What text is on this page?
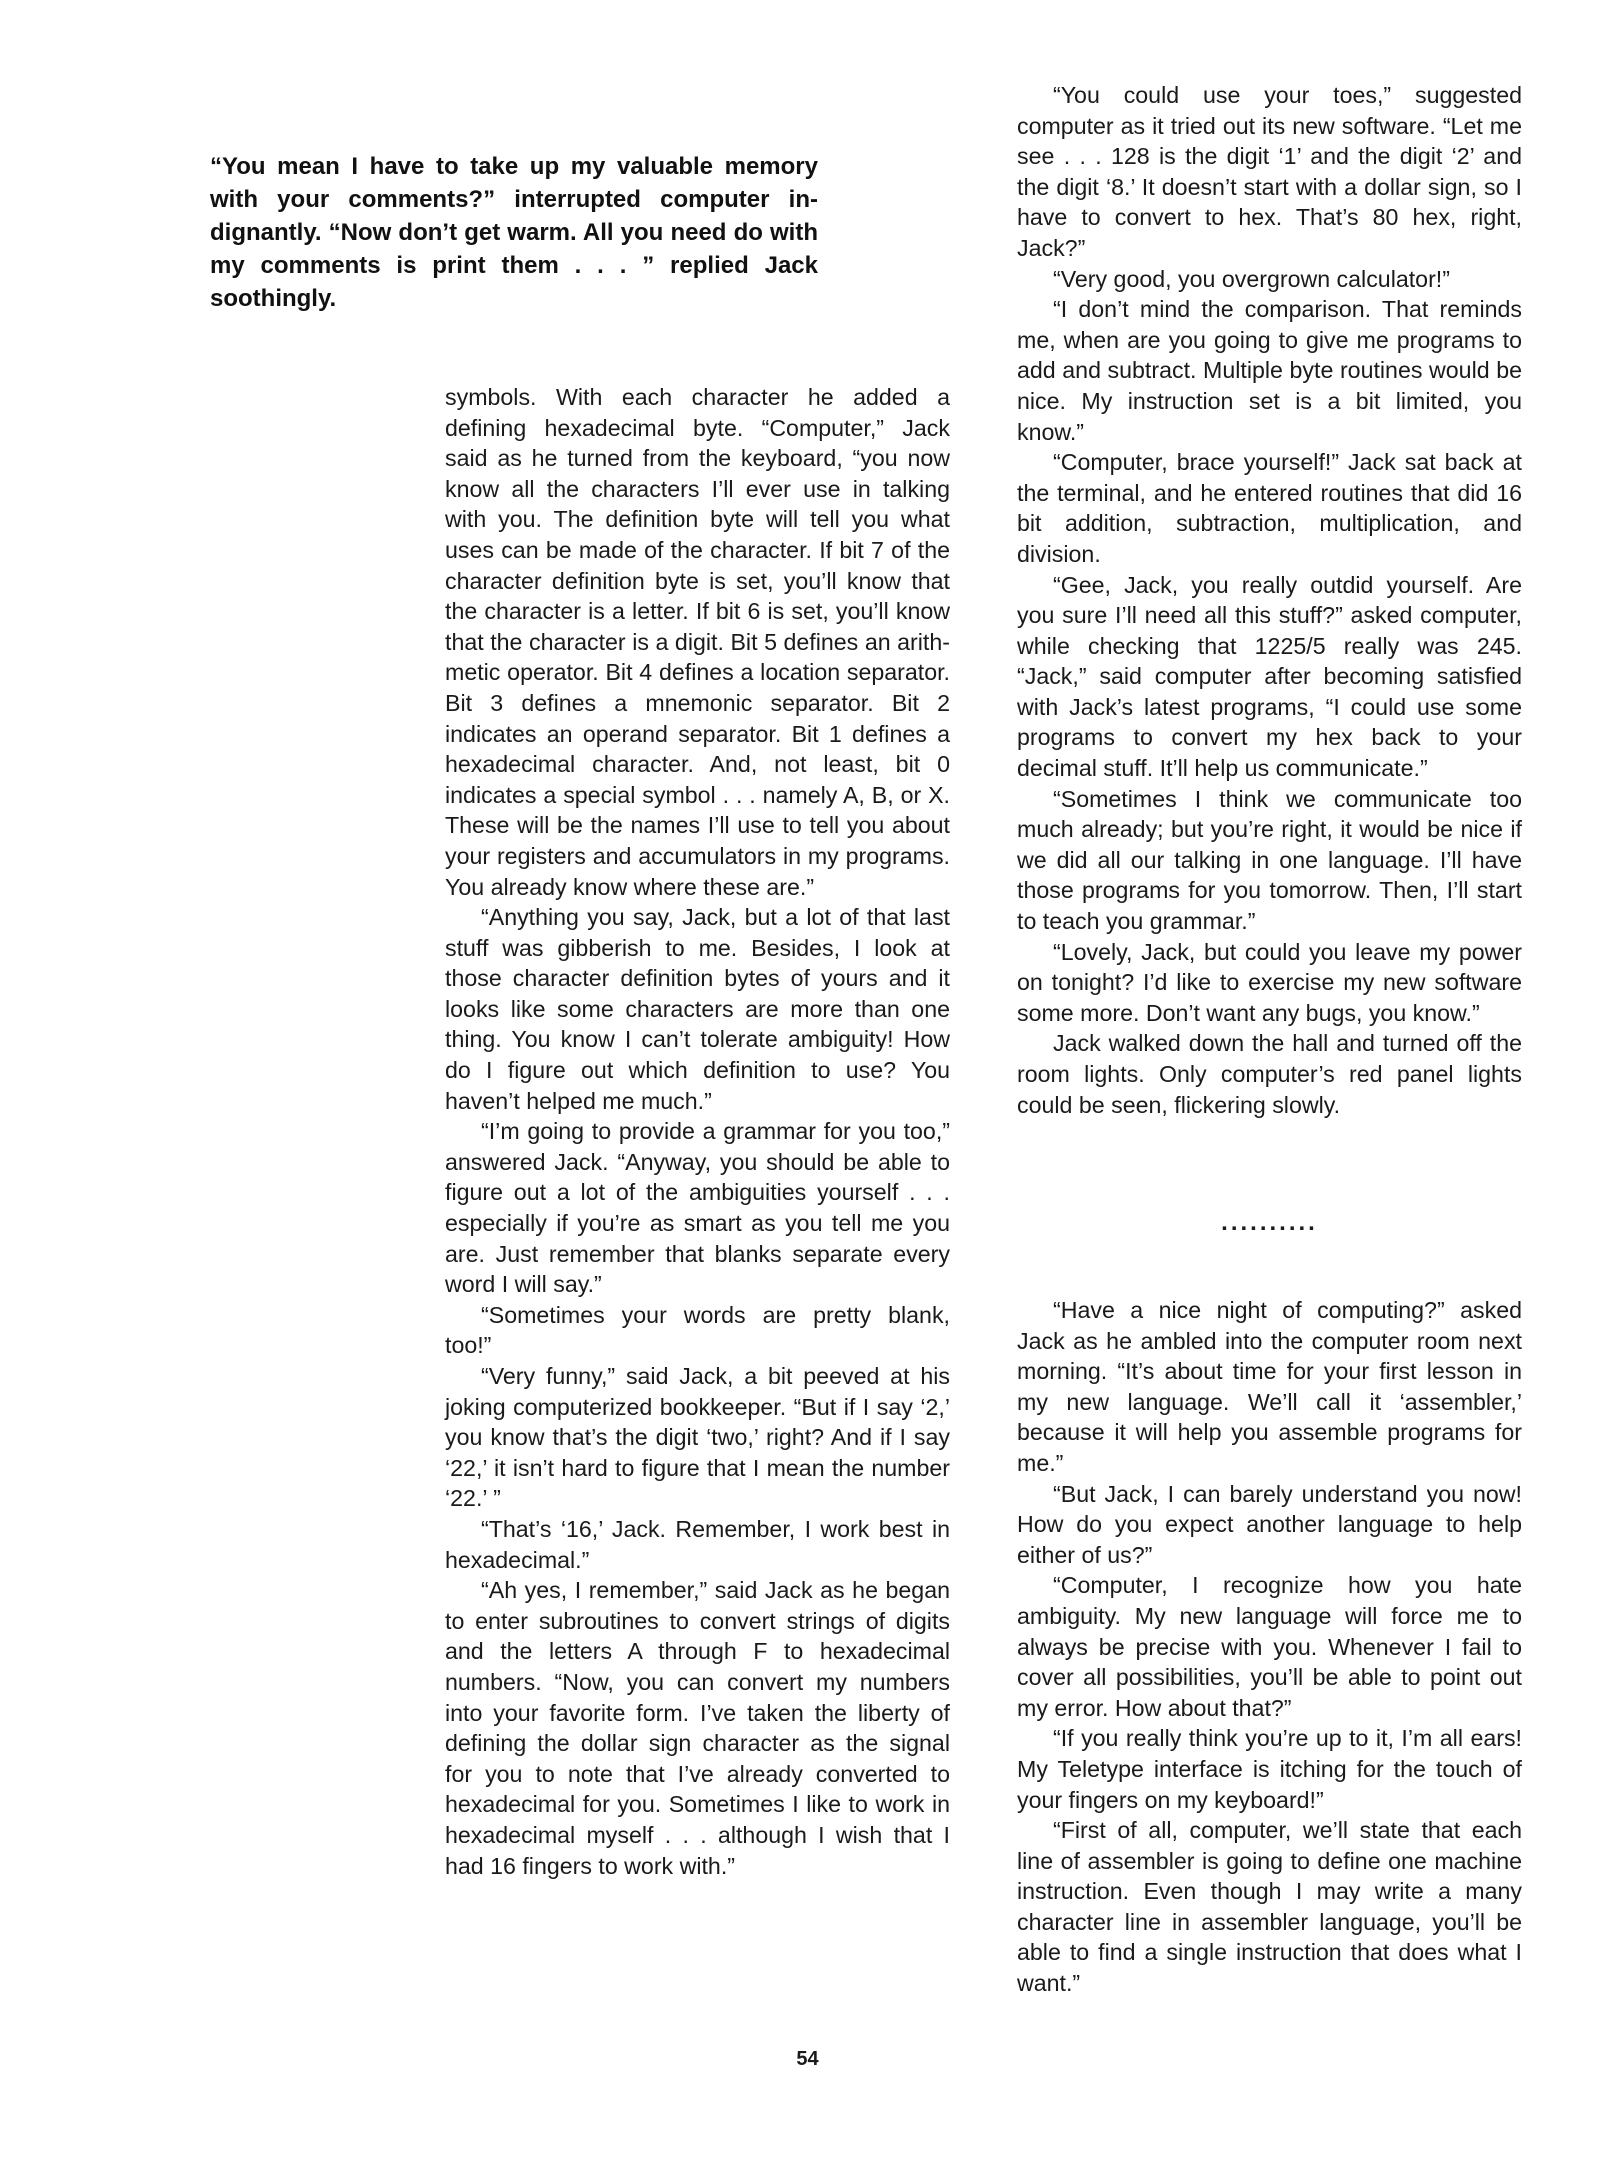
“You mean I have to take up my valuable memory with your comments?” interrupted computer indignantly. “Now don’t get warm. All you need do with my comments is print them . . . ” replied Jack soothingly.

symbols. With each character he added a defining hexadecimal byte. “Computer,” Jack said as he turned from the keyboard, “you now know all the characters I’ll ever use in talking with you. The definition byte will tell you what uses can be made of the character. If bit 7 of the character definition byte is set, you’ll know that the character is a letter. If bit 6 is set, you’ll know that the character is a digit. Bit 5 defines an arithmetic operator. Bit 4 defines a location separator. Bit 3 defines a mnemonic separator. Bit 2 indicates an operand separator. Bit 1 defines a hexadecimal character. And, not least, bit 0 indicates a special symbol . . . namely A, B, or X. These will be the names I’ll use to tell you about your registers and accumulators in my programs. You already know where these are.”

“Anything you say, Jack, but a lot of that last stuff was gibberish to me. Besides, I look at those character definition bytes of yours and it looks like some characters are more than one thing. You know I can’t tolerate ambiguity! How do I figure out which definition to use? You haven’t helped me much.”

“I’m going to provide a grammar for you too,” answered Jack. “Anyway, you should be able to figure out a lot of the ambiguities yourself . . . especially if you’re as smart as you tell me you are. Just remember that blanks separate every word I will say.”

“Sometimes your words are pretty blank, too!”

“Very funny,” said Jack, a bit peeved at his joking computerized bookkeeper. “But if I say ‘2,’ you know that’s the digit ‘two,’ right? And if I say ‘22,’ it isn’t hard to figure that I mean the number ‘22.’ ”

“That’s ‘16,’ Jack. Remember, I work best in hexadecimal.”

“Ah yes, I remember,” said Jack as he began to enter subroutines to convert strings of digits and the letters A through F to hexadecimal numbers. “Now, you can convert my numbers into your favorite form. I’ve taken the liberty of defining the dollar sign character as the signal for you to note that I’ve already converted to hexadecimal for you. Sometimes I like to work in hexadecimal myself . . . although I wish that I had 16 fingers to work with.”

“You could use your toes,” suggested computer as it tried out its new software. “Let me see . . . 128 is the digit ‘1’ and the digit ‘2’ and the digit ‘8.’ It doesn’t start with a dollar sign, so I have to convert to hex. That’s 80 hex, right, Jack?”

“Very good, you overgrown calculator!”

“I don’t mind the comparison. That reminds me, when are you going to give me programs to add and subtract. Multiple byte routines would be nice. My instruction set is a bit limited, you know.”

“Computer, brace yourself!” Jack sat back at the terminal, and he entered routines that did 16 bit addition, subtraction, multiplication, and division.

“Gee, Jack, you really outdid yourself. Are you sure I’ll need all this stuff?” asked computer, while checking that 1225/5 really was 245. “Jack,” said computer after becoming satisfied with Jack’s latest programs, “I could use some programs to convert my hex back to your decimal stuff. It’ll help us communicate.”

“Sometimes I think we communicate too much already; but you’re right, it would be nice if we did all our talking in one language. I’ll have those programs for you tomorrow. Then, I’ll start to teach you grammar.”

“Lovely, Jack, but could you leave my power on tonight? I’d like to exercise my new software some more. Don’t want any bugs, you know.”

Jack walked down the hall and turned off the room lights. Only computer’s red panel lights could be seen, flickering slowly.

..........

“Have a nice night of computing?” asked Jack as he ambled into the computer room next morning. “It’s about time for your first lesson in my new language. We’ll call it ‘assembler,’ because it will help you assemble programs for me.”

“But Jack, I can barely understand you now! How do you expect another language to help either of us?”

“Computer, I recognize how you hate ambiguity. My new language will force me to always be precise with you. Whenever I fail to cover all possibilities, you’ll be able to point out my error. How about that?”

“If you really think you’re up to it, I’m all ears! My Teletype interface is itching for the touch of your fingers on my keyboard!”

“First of all, computer, we’ll state that each line of assembler is going to define one machine instruction. Even though I may write a many character line in assembler language, you’ll be able to find a single instruction that does what I want.”

54
